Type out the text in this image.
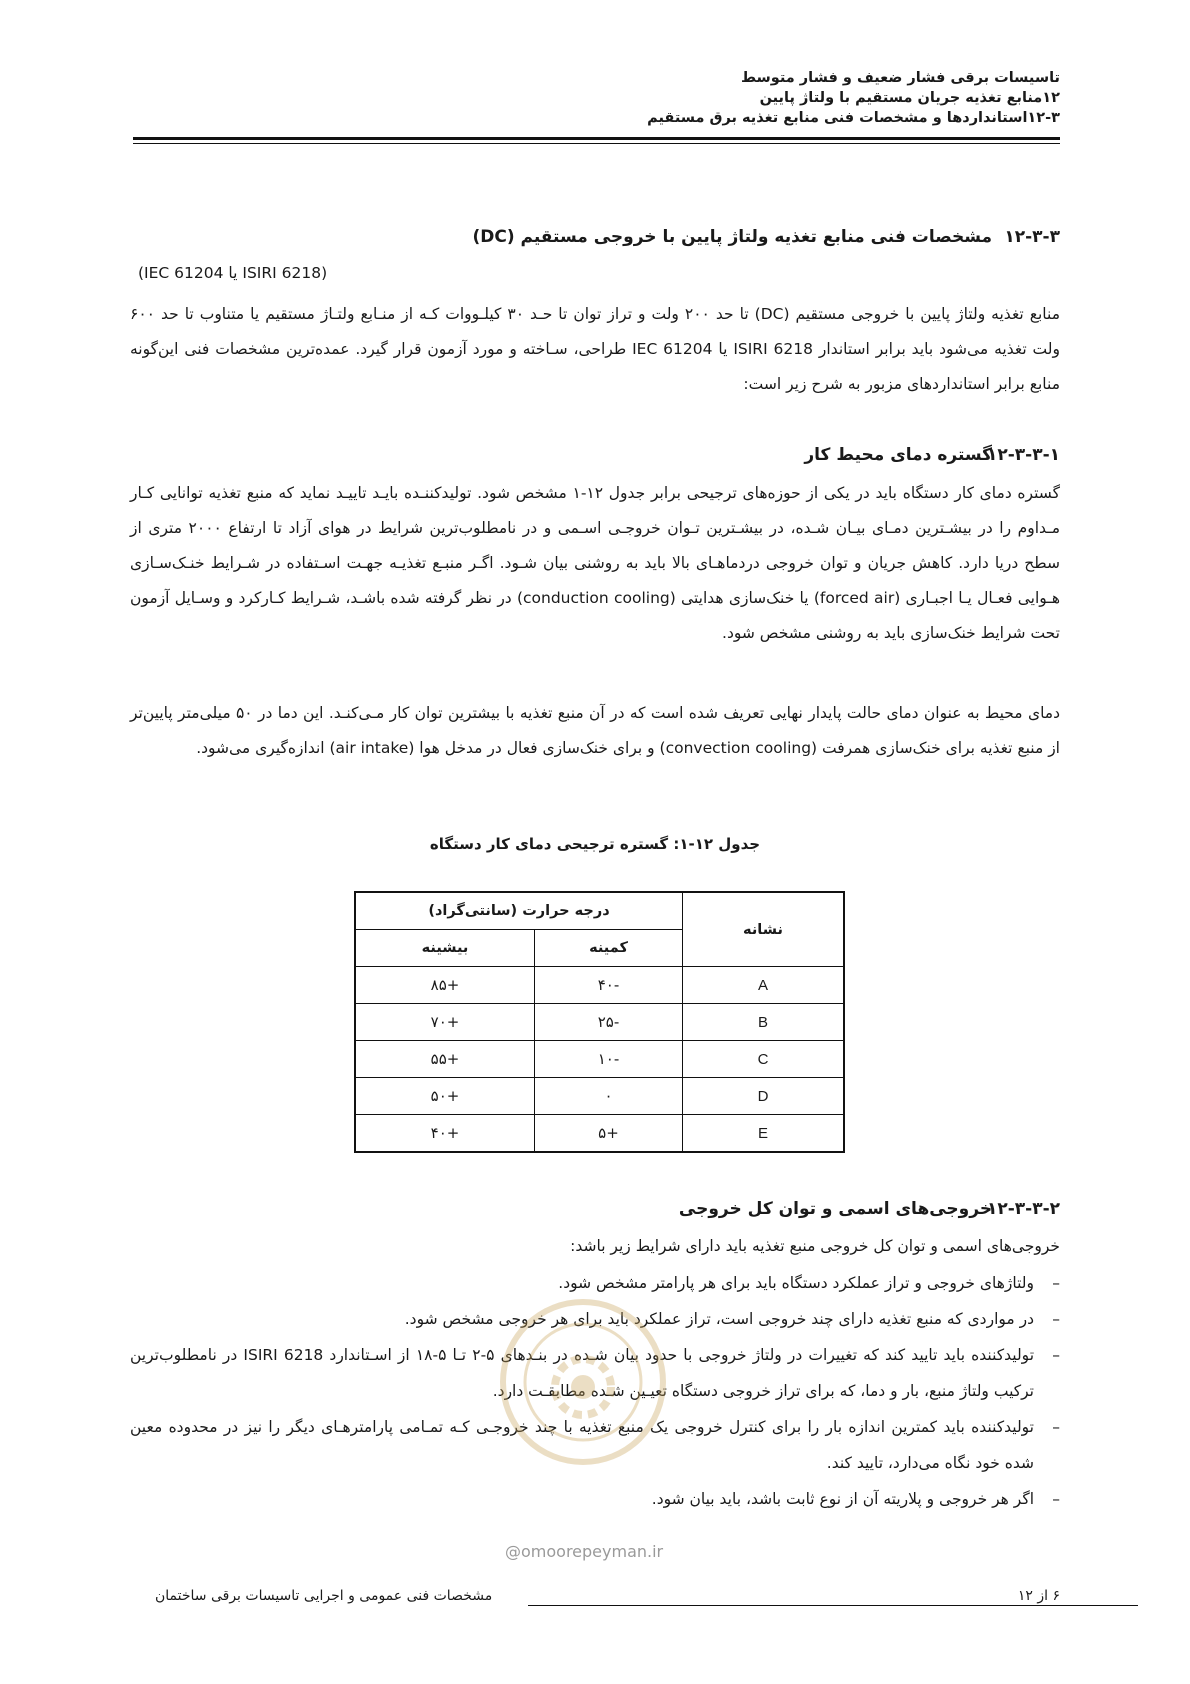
تاسیسات برقی فشار ضعیف و فشار متوسط
۱۲منابع تغذیه جریان مستقیم با ولتاژ پایین
۱۲-۳استانداردها و مشخصات فنی منابع تغذیه برق مستقیم
۱۲-۳-۳ مشخصات فنی منابع تغذیه ولتاژ پایین با خروجی مستقیم (DC)
(IEC 61204 یا ISIRI 6218)
منابع تغذیه ولتاژ پایین با خروجی مستقیم (DC) تا حد ۲۰۰ ولت و تراز توان تا حـد ۳۰ کیلـووات کـه از منـابع ولتـاژ مستقیم یا متناوب تا حد ۶۰۰ ولت تغذیه می‌شود باید برابر استاندار ISIRI 6218 یا IEC 61204 طراحی، سـاخته و مورد آزمون قرار گیرد. عمده‌ترین مشخصات فنی این‌گونه منابع برابر استانداردهای مزبور به شرح زیر است:
۱۲-۳-۳-۱ گستره دمای محیط کار
گستره دمای کار دستگاه باید در یکی از حوزه‌های ترجیحی برابر جدول ۱۲-۱ مشخص شود. تولیدکننـده بایـد تاییـد نماید که منبع تغذیه توانایی کـار مـداوم را در بیشـترین دمـای بیـان شـده، در بیشـترین تـوان خروجـی اسـمی و در نامطلوب‌ترین شرایط در هوای آزاد تا ارتفاع ۲۰۰۰ متری از سطح دریا دارد. کاهش جریان و توان خروجی دردماهـای بالا باید به روشنی بیان شـود. اگـر منبـع تغذیـه جهـت اسـتفاده در شـرایط خنـک‌سـازی هـوایی فعـال یـا اجبـاری (forced air) یا خنک‌سازی هدایتی (conduction cooling) در نظر گرفته شده باشـد، شـرایط کـارکرد و وسـایل آزمون تحت شرایط خنک‌سازی باید به روشنی مشخص شود.
دمای محیط به عنوان دمای حالت پایدار نهایی تعریف شده است که در آن منبع تغذیه با بیشترین توان کار مـی‌کنـد. این دما در ۵۰ میلی‌متر پایین‌تر از منبع تغذیه برای خنک‌سازی همرفت (convection cooling) و برای خنک‌سازی فعال در مدخل هوا (air intake) اندازه‌گیری می‌شود.
جدول ۱۲-۱: گستره ترجیحی دمای کار دستگاه
نشانه	درجه حرارت (سانتی‌گراد)	
	کمینه	بیشینه
A	-۴۰	+۸۵
B	-۲۵	+۷۰
C	-۱۰	+۵۵
D	۰	+۵۰
E	+۵	+۴۰
۱۲-۳-۳-۲ خروجی‌های اسمی و توان کل خروجی
خروجی‌های اسمی و توان کل خروجی منبع تغذیه باید دارای شرایط زیر باشد:
–
ولتاژهای خروجی و تراز عملکرد دستگاه باید برای هر پارامتر مشخص شود.
–
در مواردی که منبع تغذیه دارای چند خروجی است، تراز عملکرد باید برای هر خروجی مشخص شود.
–
تولیدکننده باید تایید کند که تغییرات در ولتاژ خروجی با حدود بیان شـده در بنـدهای ۵-۲ تـا ۵-۱۸ از اسـتاندارد ISIRI 6218 در نامطلوب‌ترین ترکیب ولتاژ منبع، بار و دما، که برای تراز خروجی دستگاه تعیـین شـده مطابقـت دارد.
–
تولیدکننده باید کمترین اندازه بار را برای کنترل خروجی یک منبع تغذیه با چند خروجـی کـه تمـامی پارامترهـای دیگر را نیز در محدوده معین شده خود نگاه می‌دارد، تایید کند.
–
اگر هر خروجی و پلاریته آن از نوع ثابت باشد، باید بیان شود.
@omoorepeyman.ir
۶ از ۱۲
مشخصات فنی عمومی و اجرایی تاسیسات برقی ساختمان
